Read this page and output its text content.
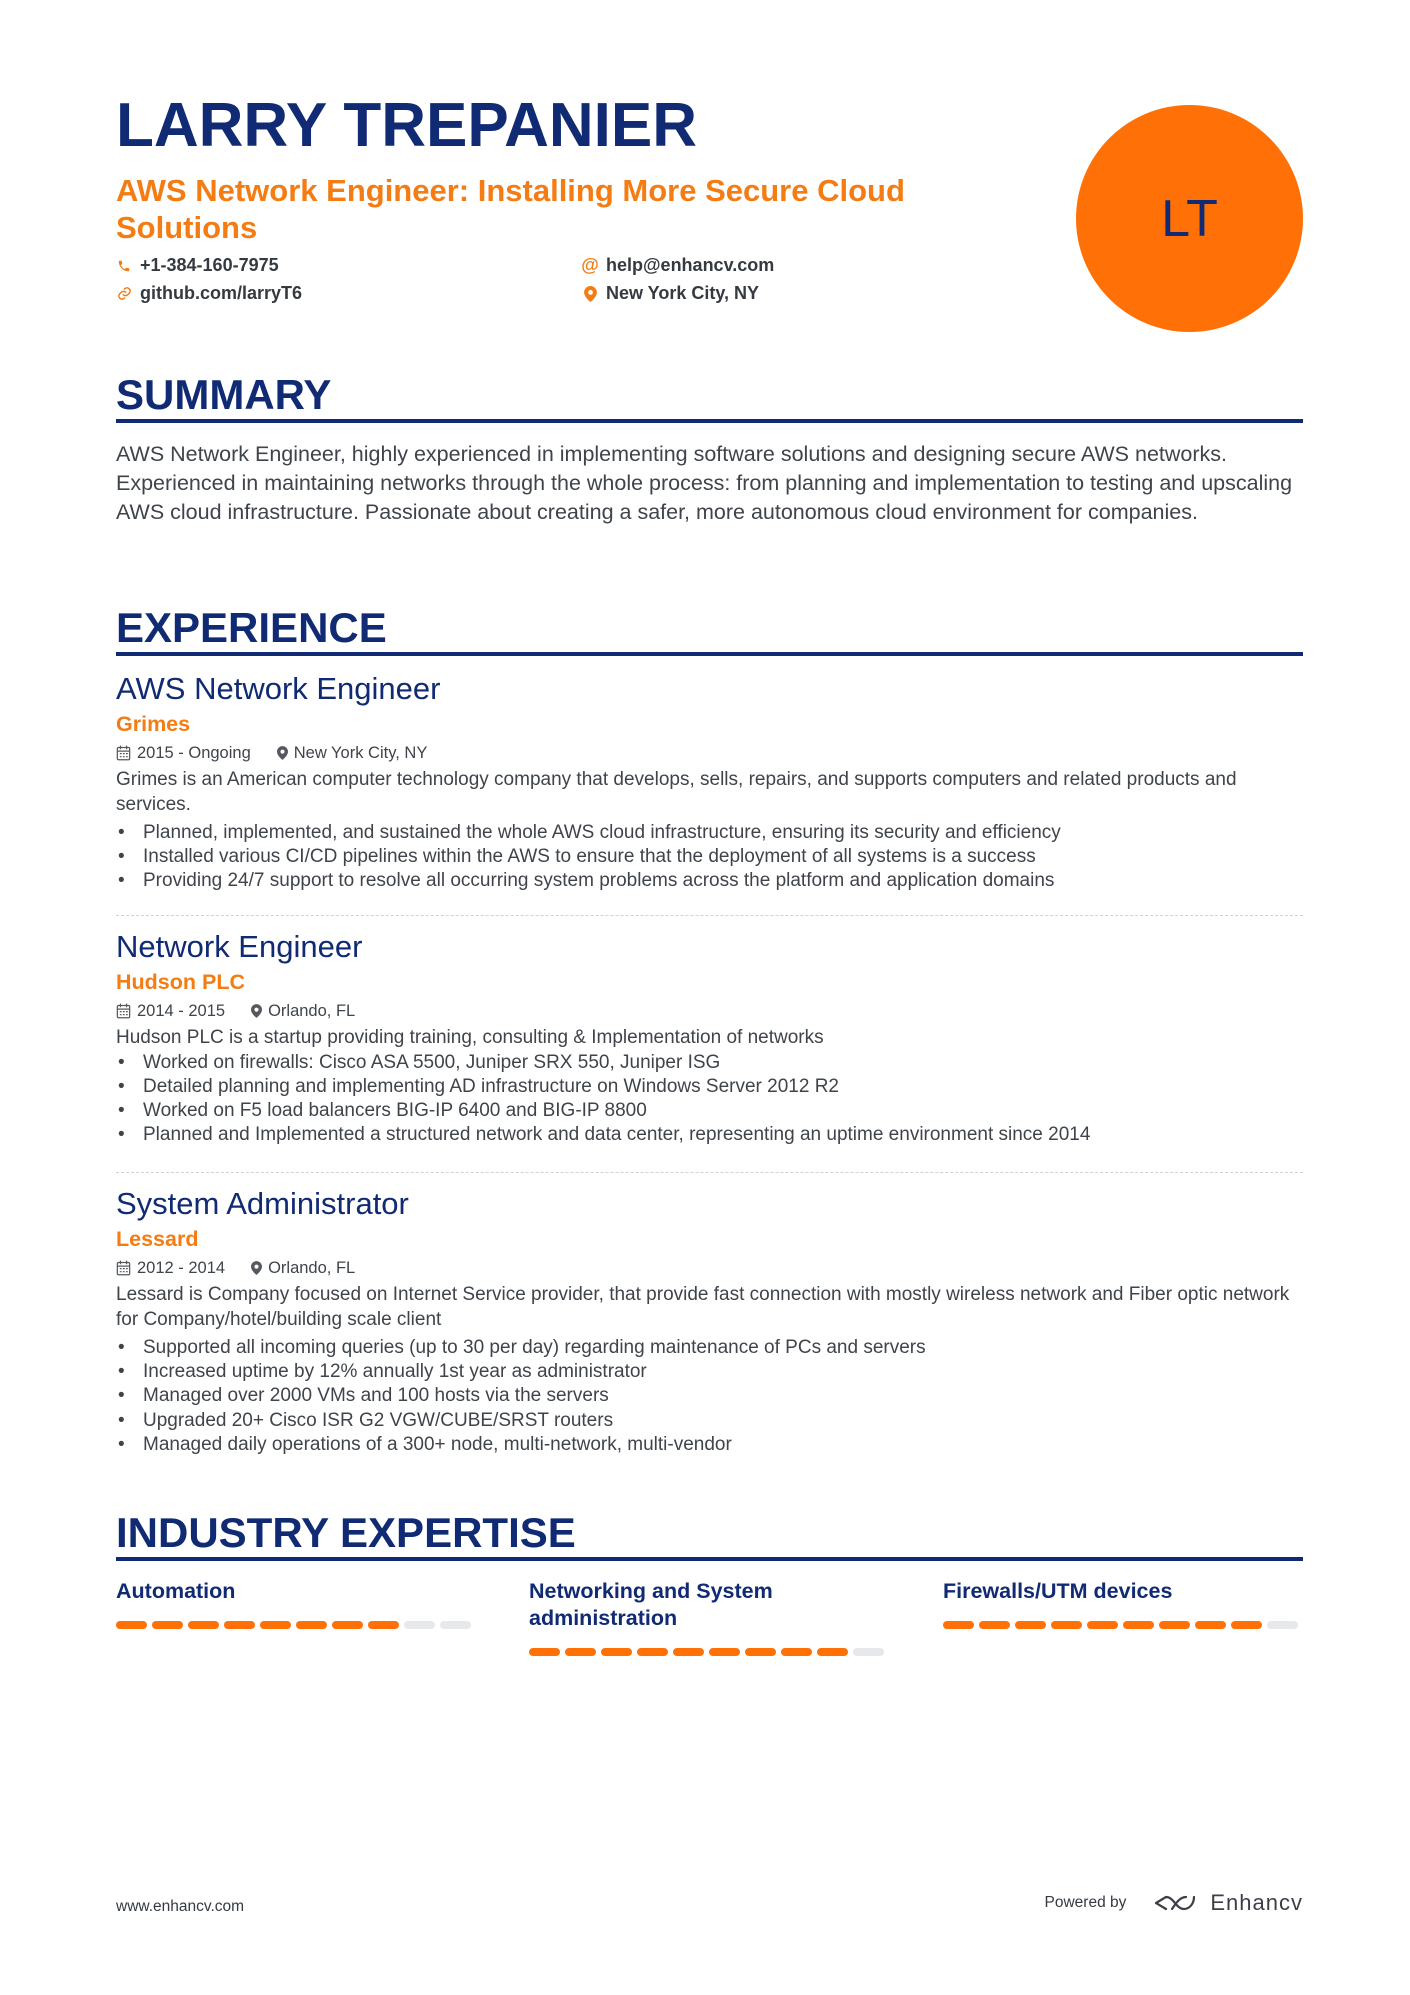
LARRY TREPANIER

AWS Network Engineer: Installing More Secure Cloud Solutions

+1-384-160-7975	@ help@enhancv.com
github.com/larryT6	New York City, NY
LT
SUMMARY

AWS Network Engineer, highly experienced in implementing software solutions and designing secure AWS networks. Experienced in maintaining networks through the whole process: from planning and implementation to testing and upscaling AWS cloud infrastructure. Passionate about creating a safer, more autonomous cloud environment for companies.

EXPERIENCE
AWS Network Engineer

Grimes

2015 - Ongoing	New York City, NY

Grimes is an American computer technology company that develops, sells, repairs, and supports computers and related products and services.

• Planned, implemented, and sustained the whole AWS cloud infrastructure, ensuring its security and efficiency
• Installed various CI/CD pipelines within the AWS to ensure that the deployment of all systems is a success
• Providing 24/7 support to resolve all occurring system problems across the platform and application domains
Network Engineer

Hudson PLC

2014 - 2015	Orlando, FL

Hudson PLC is a startup providing training, consulting & Implementation of networks

• Worked on firewalls: Cisco ASA 5500, Juniper SRX 550, Juniper ISG
• Detailed planning and implementing AD infrastructure on Windows Server 2012 R2
• Worked on F5 load balancers BIG-IP 6400 and BIG-IP 8800
• Planned and Implemented a structured network and data center, representing an uptime environment since 2014
System Administrator

Lessard

2012 - 2014	Orlando, FL

Lessard is Company focused on Internet Service provider, that provide fast connection with mostly wireless network and Fiber optic network for Company/hotel/building scale client

• Supported all incoming queries (up to 30 per day) regarding maintenance of PCs and servers
• Increased uptime by 12% annually 1st year as administrator
• Managed over 2000 VMs and 100 hosts via the servers
• Upgraded 20+ Cisco ISR G2 VGW/CUBE/SRST routers
• Managed daily operations of a 300+ node, multi-network, multi-vendor
INDUSTRY EXPERTISE

Automation	Networking and System administration

Firewalls/UTM devices

www.enhancv.com	Powered by	Enhancv
